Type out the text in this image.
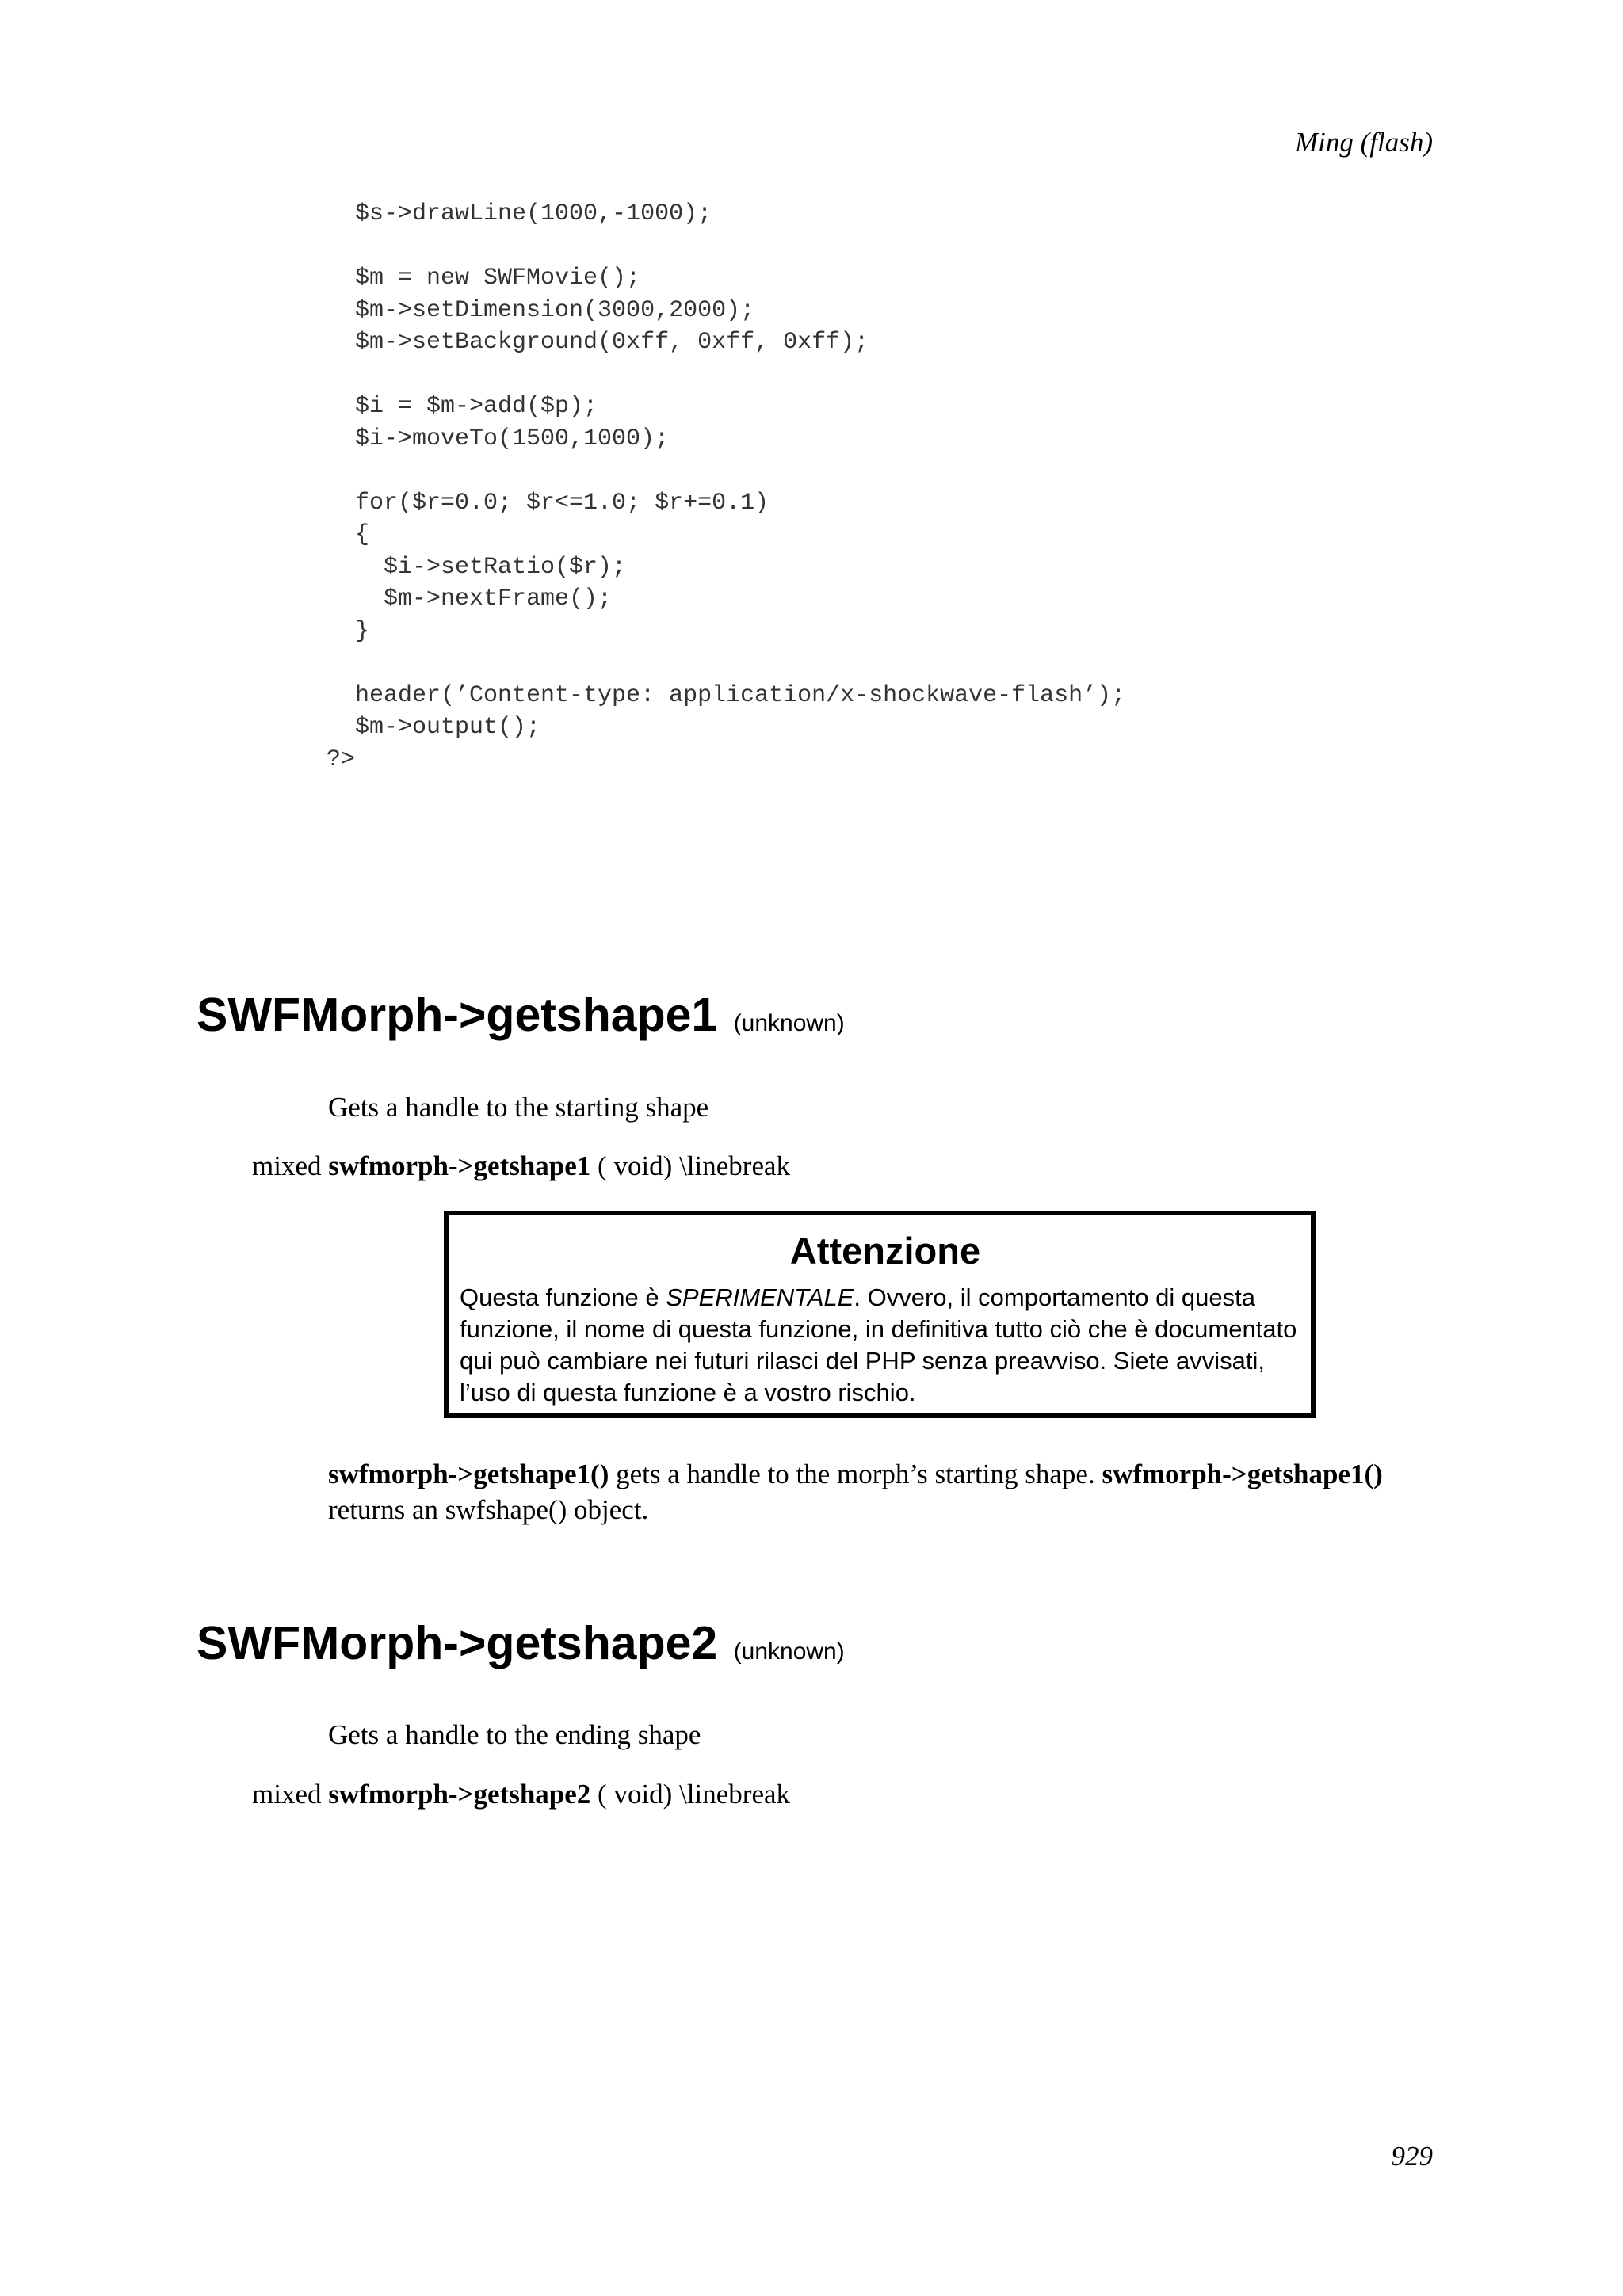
Ming (flash)
$s->drawLine(1000,-1000);

$m = new SWFMovie();
$m->setDimension(3000,2000);
$m->setBackground(0xff, 0xff, 0xff);

$i = $m->add($p);
$i->moveTo(1500,1000);

for($r=0.0; $r<=1.0; $r+=0.1)
{
$i->setRatio($r);
$m->nextFrame();
}

header(’Content-type: application/x-shockwave-flash’);
$m->output();
?>
SWFMorph->getshape1 (unknown)
Gets a handle to the starting shape
mixed swfmorph->getshape1 ( void) \linebreak
Attenzione
Questa funzione è SPERIMENTALE. Ovvero, il comportamento di questa funzione, il nome di questa funzione, in definitiva tutto ciò che è documentato qui può cambiare nei futuri rilasci del PHP senza preavviso. Siete avvisati, l’uso di questa funzione è a vostro rischio.
swfmorph->getshape1() gets a handle to the morph’s starting shape. swfmorph->getshape1() returns an swfshape() object.
SWFMorph->getshape2 (unknown)
Gets a handle to the ending shape
mixed swfmorph->getshape2 ( void) \linebreak
929
